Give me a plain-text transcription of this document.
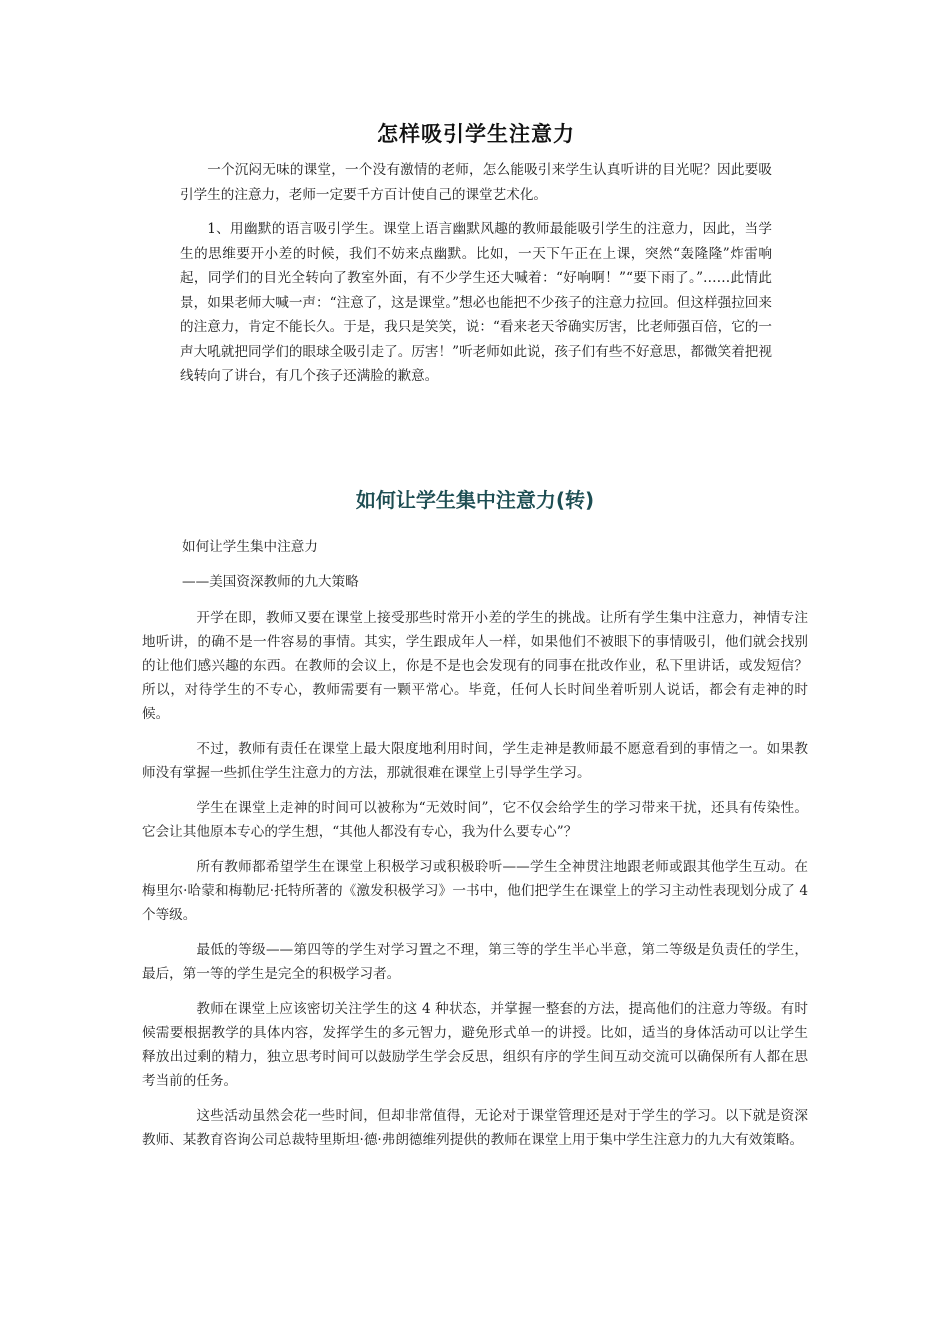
怎样吸引学生注意力

一个沉闷无味的课堂，一个没有激情的老师，怎么能吸引来学生认真听讲的目光呢？因此要吸引学生的注意力，老师一定要千方百计使自己的课堂艺术化。

1、用幽默的语言吸引学生。课堂上语言幽默风趣的教师最能吸引学生的注意力，因此，当学生的思维要开小差的时候，我们不妨来点幽默。比如，一天下午正在上课，突然“轰隆隆”炸雷响起，同学们的目光全转向了教室外面，有不少学生还大喊着：“好响啊！”“要下雨了。”……此情此景，如果老师大喊一声：“注意了，这是课堂。”想必也能把不少孩子的注意力拉回。但这样强拉回来的注意力，肯定不能长久。于是，我只是笑笑，说：“看来老天爷确实厉害，比老师强百倍，它的一声大吼就把同学们的眼球全吸引走了。厉害！”听老师如此说，孩子们有些不好意思，都微笑着把视线转向了讲台，有几个孩子还满脸的歉意。

如何让学生集中注意力(转)
如何让学生集中注意力
——美国资深教师的九大策略

开学在即，教师又要在课堂上接受那些时常开小差的学生的挑战。让所有学生集中注意力，神情专注地听讲，的确不是一件容易的事情。其实，学生跟成年人一样，如果他们不被眼下的事情吸引，他们就会找别的让他们感兴趣的东西。在教师的会议上，你是不是也会发现有的同事在批改作业，私下里讲话，或发短信？所以，对待学生的不专心，教师需要有一颗平常心。毕竟，任何人长时间坐着听别人说话，都会有走神的时候。

不过，教师有责任在课堂上最大限度地利用时间，学生走神是教师最不愿意看到的事情之一。如果教师没有掌握一些抓住学生注意力的方法，那就很难在课堂上引导学生学习。

学生在课堂上走神的时间可以被称为“无效时间”，它不仅会给学生的学习带来干扰，还具有传染性。它会让其他原本专心的学生想，“其他人都没有专心，我为什么要专心”？

所有教师都希望学生在课堂上积极学习或积极聆听——学生全神贯注地跟老师或跟其他学生互动。在梅里尔·哈蒙和梅勒尼·托特所著的《激发积极学习》一书中，他们把学生在课堂上的学习主动性表现划分成了 4 个等级。

最低的等级——第四等的学生对学习置之不理，第三等的学生半心半意，第二等级是负责任的学生，最后，第一等的学生是完全的积极学习者。

教师在课堂上应该密切关注学生的这 4 种状态，并掌握一整套的方法，提高他们的注意力等级。有时候需要根据教学的具体内容，发挥学生的多元智力，避免形式单一的讲授。比如，适当的身体活动可以让学生释放出过剩的精力，独立思考时间可以鼓励学生学会反思，组织有序的学生间互动交流可以确保所有人都在思考当前的任务。

这些活动虽然会花一些时间，但却非常值得，无论对于课堂管理还是对于学生的学习。以下就是资深教师、某教育咨询公司总裁特里斯坦·德·弗朗德维列提供的教师在课堂上用于集中学生注意力的九大有效策略。
